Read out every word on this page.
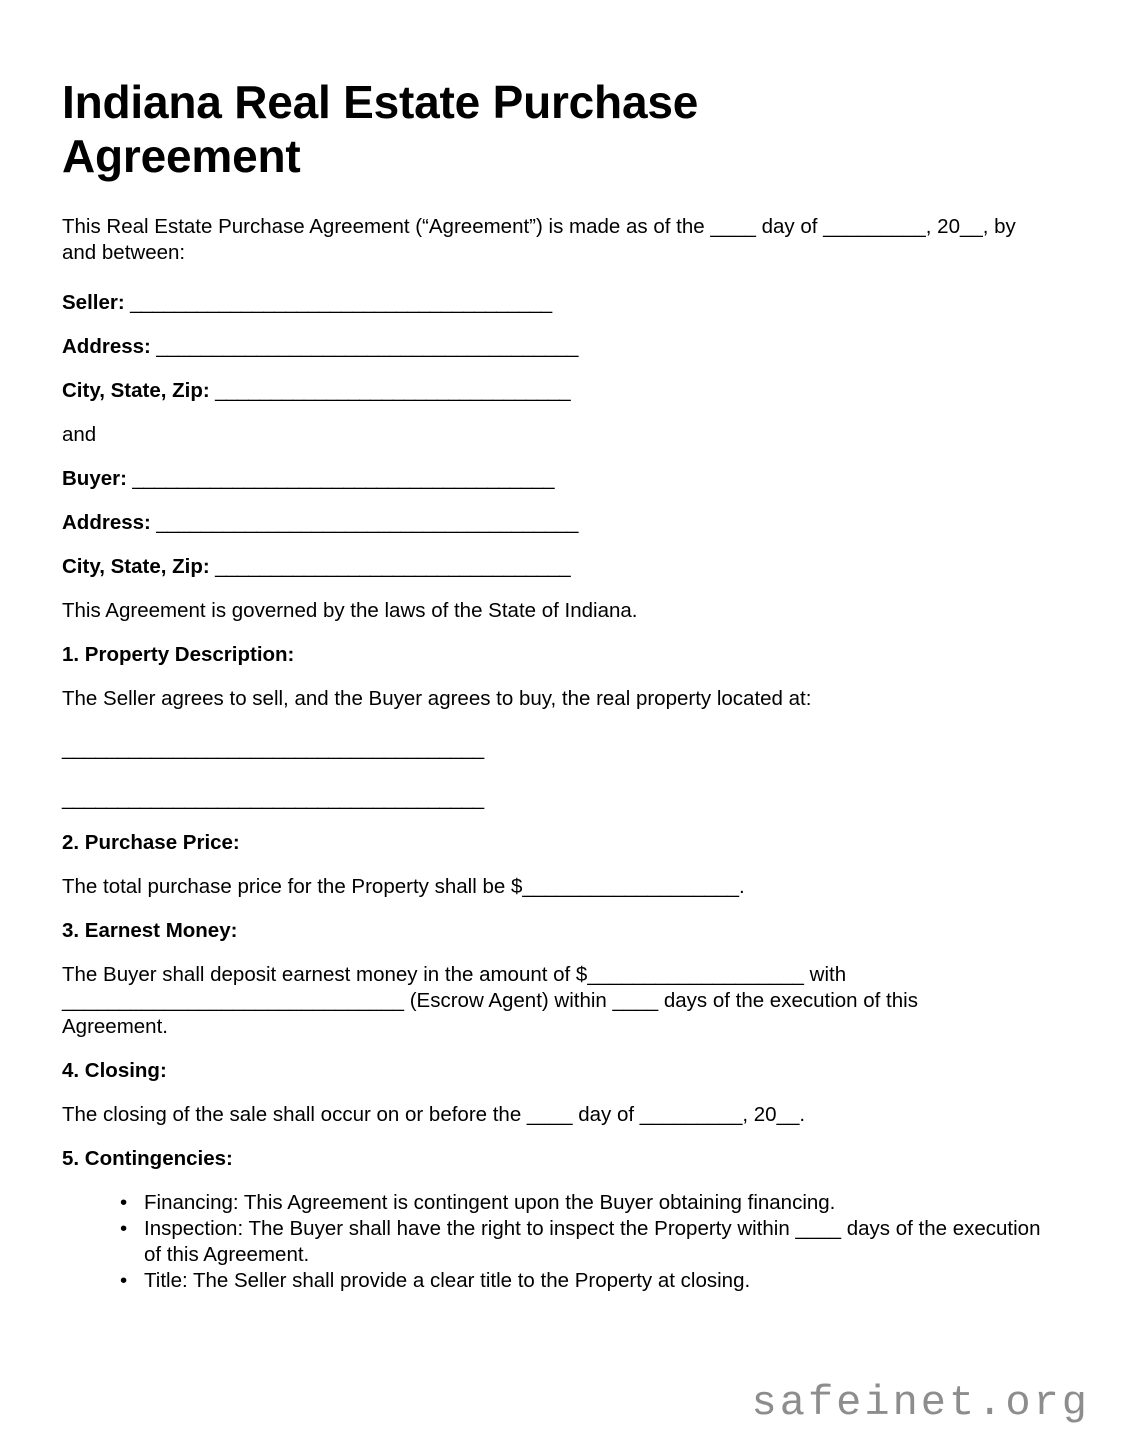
Indiana Real Estate Purchase Agreement

This Real Estate Purchase Agreement (“Agreement”) is made as of the ____ day of _________, 20__, by and between:

Seller: ______________________________________

Address: ______________________________________

City, State, Zip: ________________________________

and

Buyer: ______________________________________

Address: ______________________________________

City, State, Zip: ________________________________

This Agreement is governed by the laws of the State of Indiana.

1. Property Description:

The Seller agrees to sell, and the Buyer agrees to buy, the real property located at:

______________________________________

______________________________________

2. Purchase Price:

The total purchase price for the Property shall be $___________________.

3. Earnest Money:

The Buyer shall deposit earnest money in the amount of $___________________ with ______________________________ (Escrow Agent) within ____ days of the execution of this Agreement.

4. Closing:

The closing of the sale shall occur on or before the ____ day of _________, 20__.

5. Contingencies:

• Financing: This Agreement is contingent upon the Buyer obtaining financing.
• Inspection: The Buyer shall have the right to inspect the Property within ____ days of the execution of this Agreement.
• Title: The Seller shall provide a clear title to the Property at closing.
safeinet.org
